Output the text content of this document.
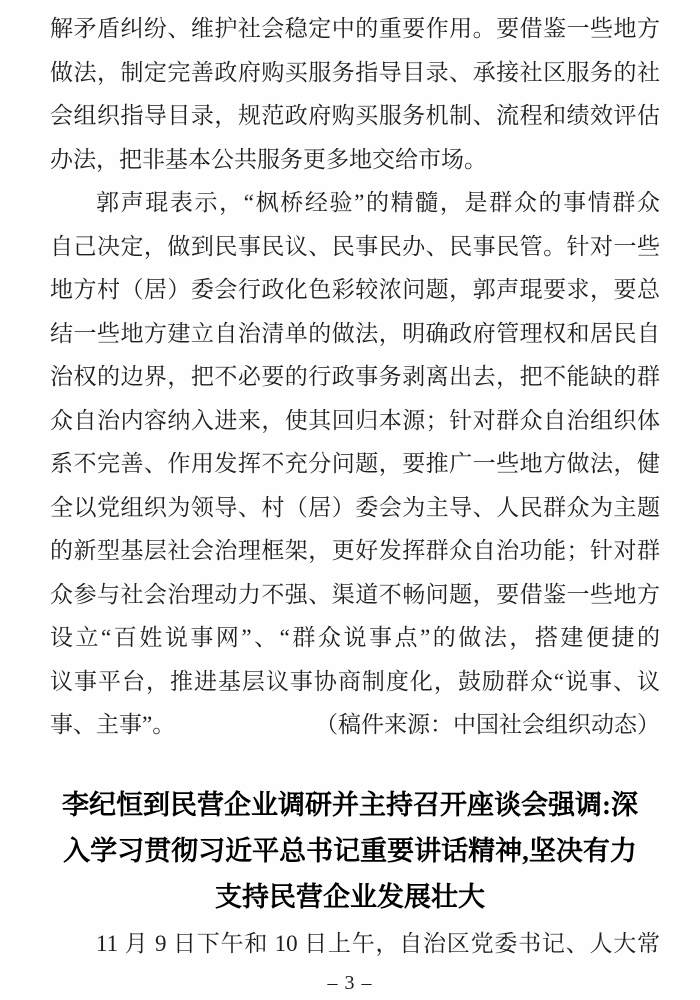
解矛盾纠纷、维护社会稳定中的重要作用。要借鉴一些地方
做法，制定完善政府购买服务指导目录、承接社区服务的社
会组织指导目录，规范政府购买服务机制、流程和绩效评估
办法，把非基本公共服务更多地交给市场。
郭声琨表示，“枫桥经验”的精髓，是群众的事情群众
自己决定，做到民事民议、民事民办、民事民管。针对一些
地方村（居）委会行政化色彩较浓问题，郭声琨要求，要总
结一些地方建立自治清单的做法，明确政府管理权和居民自
治权的边界，把不必要的行政事务剥离出去，把不能缺的群
众自治内容纳入进来，使其回归本源；针对群众自治组织体
系不完善、作用发挥不充分问题，要推广一些地方做法，健
全以党组织为领导、村（居）委会为主导、人民群众为主题
的新型基层社会治理框架，更好发挥群众自治功能；针对群
众参与社会治理动力不强、渠道不畅问题，要借鉴一些地方
设立“百姓说事网”、“群众说事点”的做法，搭建便捷的
议事平台，推进基层议事协商制度化，鼓励群众“说事、议
事、主事”。	（稿件来源：中国社会组织动态）
李纪恒到民营企业调研并主持召开座谈会强调:深
入学习贯彻习近平总书记重要讲话精神,坚决有力
支持民营企业发展壮大
11 月 9 日下午和 10 日上午，自治区党委书记、人大常
– 3 –
